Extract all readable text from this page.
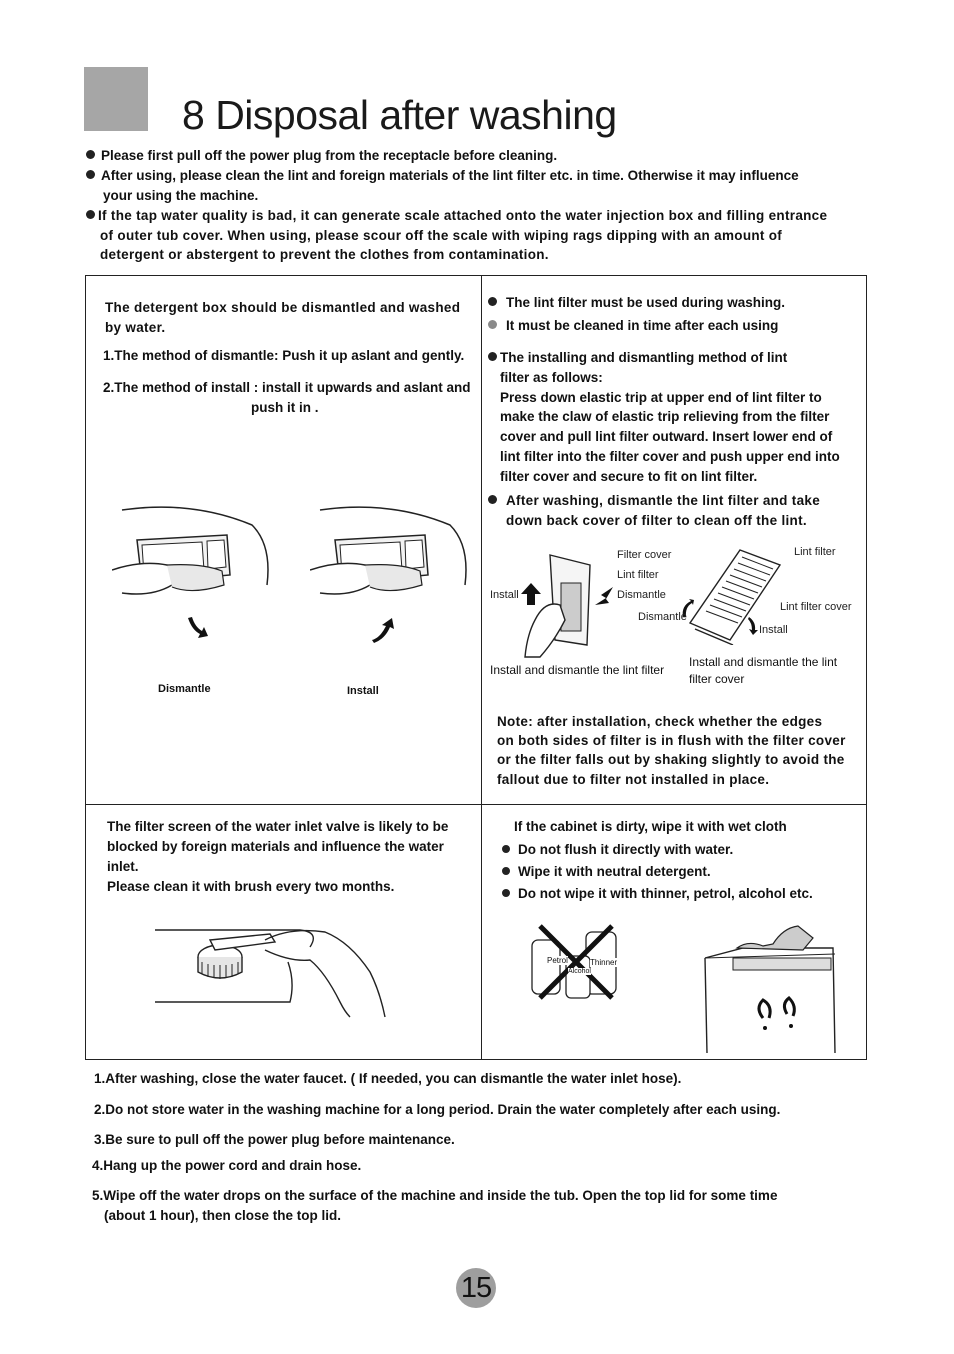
8 Disposal after washing
Please first pull off the power plug from the receptacle before cleaning.
After using, please clean the lint and foreign materials of the lint filter etc. in time. Otherwise it may influence
your using the machine.
If the tap water quality is bad, it can generate scale attached onto the water injection box and filling entrance
of outer tub cover. When using, please scour off the scale with wiping rags dipping with an amount of
detergent or abstergent to prevent the clothes from contamination.
The detergent box should be dismantled and washed
by water.
1.The method of dismantle: Push it up aslant and gently.
2.The method of install : install it upwards and aslant and
push it in .
Dismantle	Install
The lint filter must be used during washing.
It must be cleaned in time after each using
The installing and dismantling method of lint
filter as follows:
Press down elastic trip at upper end of lint filter to
make the claw of elastic trip relieving from the filter
cover and pull lint filter outward. Insert lower end of
lint filter into the filter cover and push upper end into
filter cover and secure to fit on lint filter.
After washing, dismantle the lint filter and take
down back cover of filter to clean off the lint.
Filter cover
Lint filter
Install	Dismantle
Dismantle
Lint filter
Lint filter cover
Install
Install and dismantle the lint filter
Install and dismantle the lint
filter cover
Note: after installation, check whether the edges
on both sides of filter is in flush with the filter cover
or the filter falls out by shaking slightly to avoid the
fallout due to filter not installed in place.
The filter screen of the water inlet valve is likely to be
blocked by foreign materials and influence the water
inlet.
Please clean it with brush every two months.
If the cabinet is dirty, wipe it with wet cloth
Do not flush it directly with water.
Wipe it with neutral detergent.
Do not wipe it with thinner, petrol, alcohol etc.
Petrol
Alcohol
Thinner
1.After washing, close the water faucet. ( If needed, you can dismantle the water inlet hose).
2.Do not store water in the washing machine for a long period. Drain the water completely after each using.
3.Be sure to pull off the power plug before maintenance.
4.Hang up the power cord and drain hose.
5.Wipe off the water drops on the surface of the machine and inside the tub. Open the top lid for some time
(about 1 hour), then close the top lid.
15
